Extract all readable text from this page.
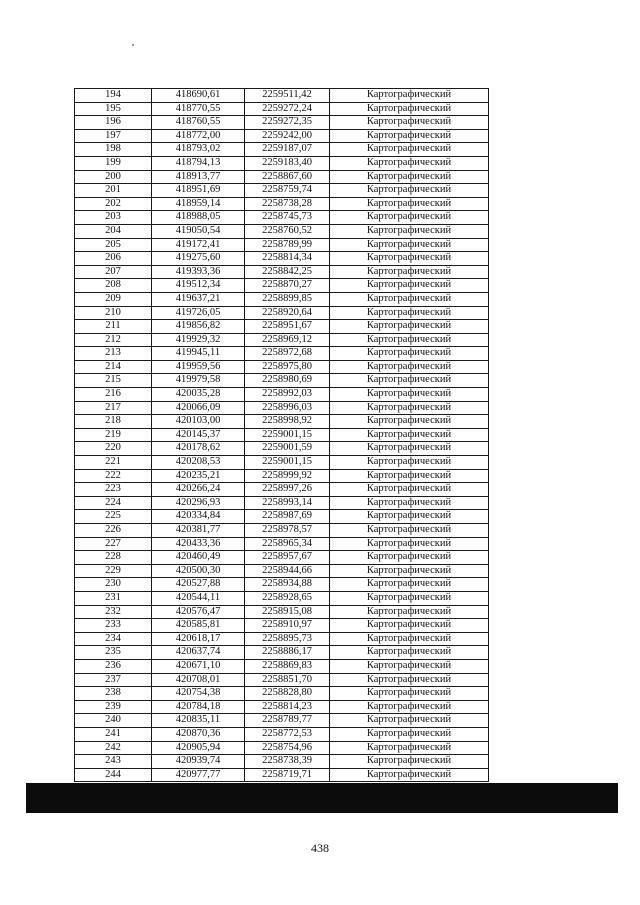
194	418690,61	2259511,42	Картографический
195	418770,55	2259272,24	Картографический
196	418760,55	2259272,35	Картографический
197	418772,00	2259242,00	Картографический
198	418793,02	2259187,07	Картографический
199	418794,13	2259183,40	Картографический
200	418913,77	2258867,60	Картографический
201	418951,69	2258759,74	Картографический
202	418959,14	2258738,28	Картографический
203	418988,05	2258745,73	Картографический
204	419050,54	2258760,52	Картографический
205	419172,41	2258789,99	Картографический
206	419275,60	2258814,34	Картографический
207	419393,36	2258842,25	Картографический
208	419512,34	2258870,27	Картографический
209	419637,21	2258899,85	Картографический
210	419726,05	2258920,64	Картографический
211	419856,82	2258951,67	Картографический
212	419929,32	2258969,12	Картографический
213	419945,11	2258972,68	Картографический
214	419959,56	2258975,80	Картографический
215	419979,58	2258980,69	Картографический
216	420035,28	2258992,03	Картографический
217	420066,09	2258996,03	Картографический
218	420103,00	2258998,92	Картографический
219	420145,37	2259001,15	Картографический
220	420178,62	2259001,59	Картографический
221	420208,53	2259001,15	Картографический
222	420235,21	2258999,92	Картографический
223	420266,24	2258997,26	Картографический
224	420296,93	2258993,14	Картографический
225	420334,84	2258987,69	Картографический
226	420381,77	2258978,57	Картографический
227	420433,36	2258965,34	Картографический
228	420460,49	2258957,67	Картографический
229	420500,30	2258944,66	Картографический
230	420527,88	2258934,88	Картографический
231	420544,11	2258928,65	Картографический
232	420576,47	2258915,08	Картографический
233	420585,81	2258910,97	Картографический
234	420618,17	2258895,73	Картографический
235	420637,74	2258886,17	Картографический
236	420671,10	2258869,83	Картографический
237	420708,01	2258851,70	Картографический
238	420754,38	2258828,80	Картографический
239	420784,18	2258814,23	Картографический
240	420835,11	2258789,77	Картографический
241	420870,36	2258772,53	Картографический
242	420905,94	2258754,96	Картографический
243	420939,74	2258738,39	Картографический
244	420977,77	2258719,71	Картографический
438
